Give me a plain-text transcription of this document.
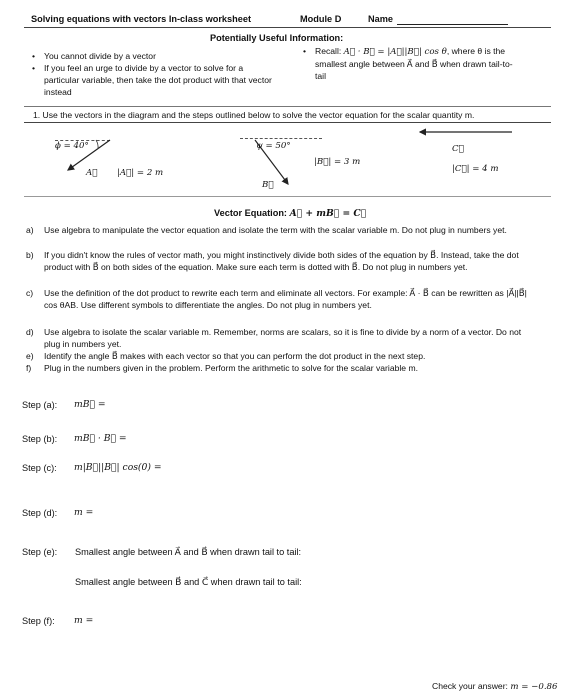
Solving equations with vectors In-class worksheet	Module D	Name
Potentially Useful Information:
• You cannot divide by a vector
• If you feel an urge to divide by a vector to solve for a particular variable, then take the dot product with that vector instead
• Recall: A⃗ · B⃗ = |A⃗||B⃗| cos θ, where θ is the smallest angle between A⃗ and B⃗ when drawn tail-to-tail
1. Use the vectors in the diagram and the steps outlined below to solve the vector equation for the scalar quantity m.
ϕ = 40°
A⃗ |A⃗| = 2 m
ψ = 50°
B⃗
|B⃗| = 3 m
C⃗
|C⃗| = 4 m
Vector Equation: A⃗ + mB⃗ = C⃗
a) Use algebra to manipulate the vector equation and isolate the term with the scalar variable m. Do not plug in numbers yet.
b) If you didn't know the rules of vector math, you might instinctively divide both sides of the equation by B⃗. Instead, take the dot product with B⃗ on both sides of the equation. Make sure each term is dotted with B⃗. Do not plug in numbers yet.
c) Use the definition of the dot product to rewrite each term and eliminate all vectors. For example: A⃗ · B⃗ can be rewritten as |A⃗||B⃗| cos θAB. Use different symbols to differentiate the angles. Do not plug in numbers yet.
d) Use algebra to isolate the scalar variable m. Remember, norms are scalars, so it is fine to divide by a norm of a vector. Do not plug in numbers yet.
e) Identify the angle B⃗ makes with each vector so that you can perform the dot product in the next step.
f) Plug in the numbers given in the problem. Perform the arithmetic to solve for the scalar variable m.
Step (a): mB⃗ =
Step (b): mB⃗ · B⃗ =
Step (c): m|B⃗||B⃗| cos(0) =
Step (d): m =
Step (e): Smallest angle between A⃗ and B⃗ when drawn tail to tail:
Smallest angle between B⃗ and C⃗ when drawn tail to tail:
Step (f): m =
Check your answer: m = −0.86
